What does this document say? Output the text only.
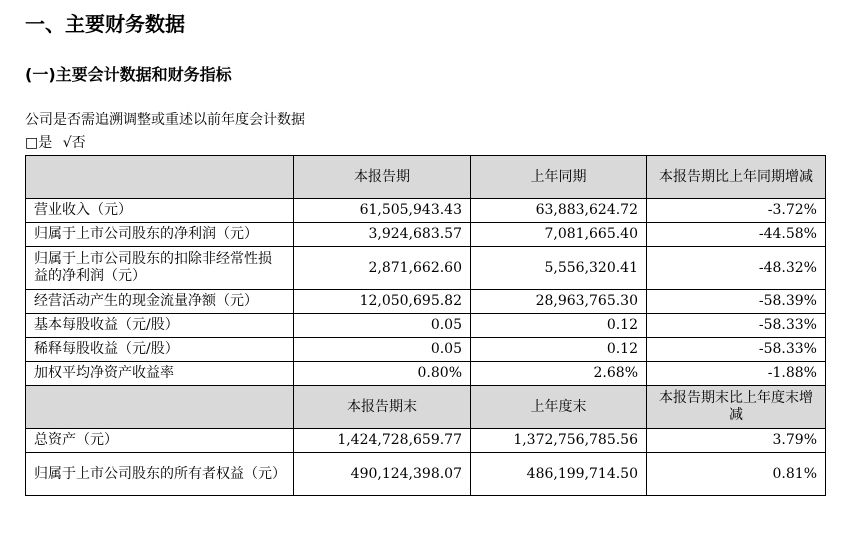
一、主要财务数据
(一)主要会计数据和财务指标
公司是否需追溯调整或重述以前年度会计数据
□是 √否
	本报告期	上年同期	本报告期比上年同期增减
营业收入（元）	61,505,943.43	63,883,624.72	-3.72%
归属于上市公司股东的净利润（元）	3,924,683.57	7,081,665.40	-44.58%
归属于上市公司股东的扣除非经常性损益的净利润（元）	2,871,662.60	5,556,320.41	-48.32%
经营活动产生的现金流量净额（元）	12,050,695.82	28,963,765.30	-58.39%
基本每股收益（元/股）	0.05	0.12	-58.33%
稀释每股收益（元/股）	0.05	0.12	-58.33%
加权平均净资产收益率	0.80%	2.68%	-1.88%
	本报告期末	上年度末	本报告期末比上年度末增减
总资产（元）	1,424,728,659.77	1,372,756,785.56	3.79%
归属于上市公司股东的所有者权益（元）	490,124,398.07	486,199,714.50	0.81%
